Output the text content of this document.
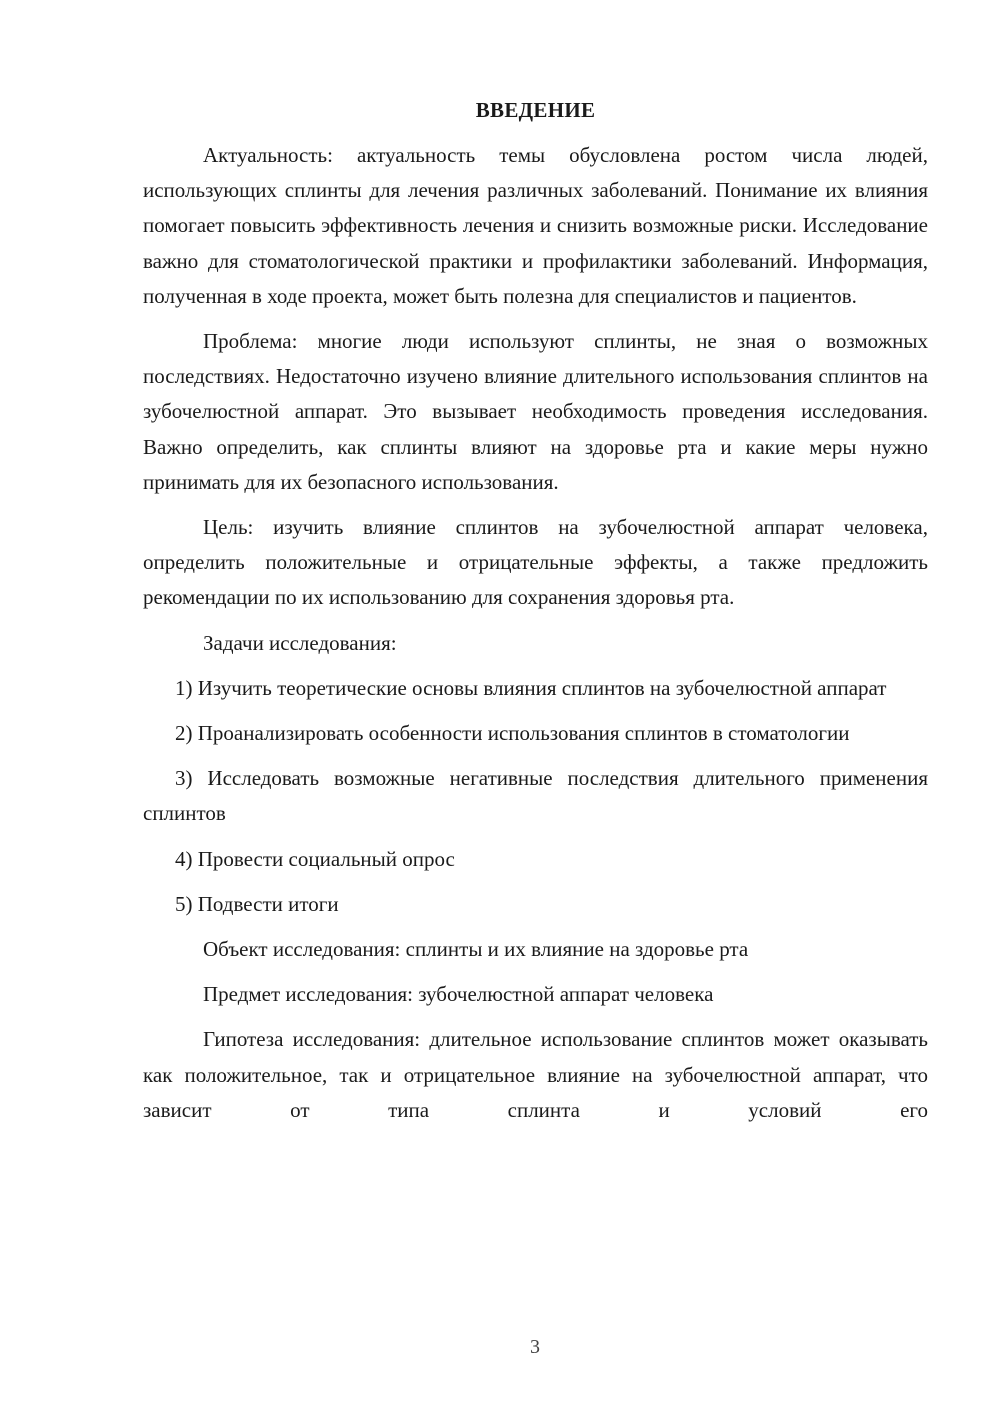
ВВЕДЕНИЕ

Актуальность: актуальность темы обусловлена ростом числа людей, использующих сплинты для лечения различных заболеваний. Понимание их влияния помогает повысить эффективность лечения и снизить возможные риски. Исследование важно для стоматологической практики и профилактики заболеваний. Информация, полученная в ходе проекта, может быть полезна для специалистов и пациентов.

Проблема: многие люди используют сплинты, не зная о возможных последствиях. Недостаточно изучено влияние длительного использования сплинтов на зубочелюстной аппарат. Это вызывает необходимость проведения исследования. Важно определить, как сплинты влияют на здоровье рта и какие меры нужно принимать для их безопасного использования.

Цель: изучить влияние сплинтов на зубочелюстной аппарат человека, определить положительные и отрицательные эффекты, а также предложить рекомендации по их использованию для сохранения здоровья рта.

Задачи исследования:

1) Изучить теоретические основы влияния сплинтов на зубочелюстной аппарат

2) Проанализировать особенности использования сплинтов в стоматологии

3) Исследовать возможные негативные последствия длительного применения сплинтов

4) Провести социальный опрос

5) Подвести итоги

Объект исследования: сплинты и их влияние на здоровье рта

Предмет исследования: зубочелюстной аппарат человека

Гипотеза исследования: длительное использование сплинтов может оказывать как положительное, так и отрицательное влияние на зубочелюстной аппарат, что зависит от типа сплинта и условий его

3
